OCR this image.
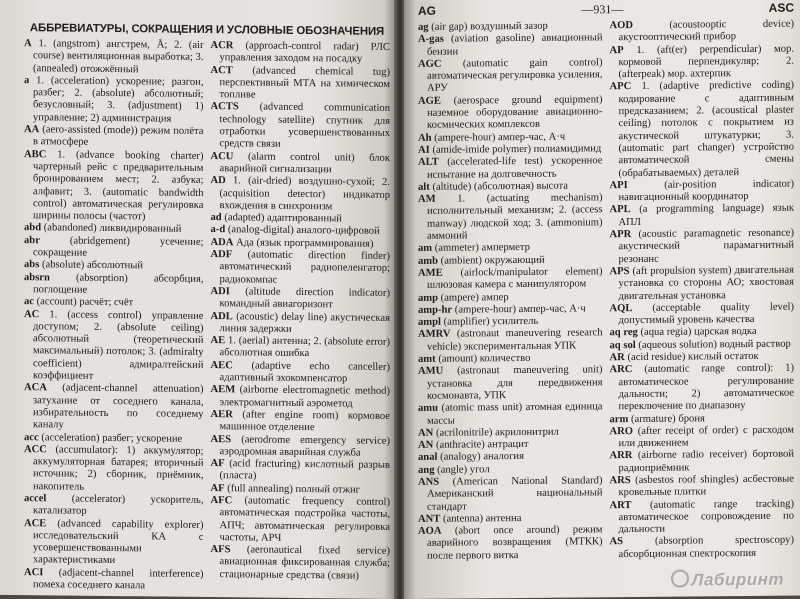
АББРЕВИАТУРЫ, СОКРАЩЕНИЯ И УСЛОВНЫЕ ОБОЗНАЧЕНИЯ

A 1. (angstrom) ангстрем, Å; 2. (air course) вентиляционная выработка; 3. (annealed) отожжённый

a 1. (acceleration) ускорение; разгон, разбег; 2. (absolute) абсолютный; безусловный; 3. (adjustment) 1) управление; 2) администрация

AA (aero-assisted (mode)) режим полёта в атмосфере

ABC 1. (advance booking charter) чартерный рейс с предварительным бронированием мест; 2. азбука; алфавит; 3. (automatic bandwidth control) автоматическая регулировка ширины полосы (частот)

abd (abandoned) ликвидированный

abr	(abridgement) усечение; сокращение

abs (absolute) абсолютный

absrn (absorption) абсорбция, поглощение

ac (account) расчёт; счёт

AC 1. (access control) управление доступом; 2. (absolute ceiling) абсолютный (теоретический максимальный) потолок; 3. (admiralty coefficient) адмиралтейский коэффициент

ACA (adjacent-channel attenuation) затухание от соседнего канала, избирательность по соседнему каналу

acc (acceleration) разбег; ускорение

ACC (accumulator): 1) аккумулятор; аккумуляторная батарея; вторичный источник; 2) сборник, приёмник, накопитель

accel (accelerator) ускоритель, катализатор

ACE (advanced capability explorer) исследовательский КА с усовершенствованными характеристиками

ACI (adjacent-channel interference) помеха соседнего канала

ACR (approach-control radar) РЛС управления заходом на посадку

ACT (advanced chemical tug) перспективный МТА на химическом топливе

ACTS (advanced communication technology satellite) спутник для отработки усовершенствованных средств связи

ACU (alarm control unit) блок аварийной сигнализации

AD 1. (air-dried) воздушно-сухой; 2. (acquisition detector) индикатор вхождения в синхронизм

ad (adapted) адаптированный

a-d (analog-digital) аналого-цифровой

ADA Ада (язык программирования)

ADF (automatic direction finder) автоматический радиопеленгатор; радиокомпас

ADI (altitude direction indicator) командный авиагоризонт

ADL (acoustic) delay line) акустическая линия задержки

AE 1. (aerial) антенна; 2. (absolute error) абсолютная ошибка

AEC (adaptive echo canceller) адаптивный эхокомпенсатор

AEM (airborne electromagnetic method) электромагнитный аэрометод

AER (after engine room) кормовое машинное отделение

AES (aerodrome emergency service) аэродромная аварийная служба

AF (acid fracturing) кислотный разрыв (пласта)

AF (full annealing) полный отжиг

AFC (automatic frequency control) автоматическая подстройка частоты, АПЧ; автоматическая регулировка частоты, АРЧ

AFS (aeronautical fixed service) авиационная фиксированная служба; стационарные средства (связи)

AG	—931—	ASC

ag (air gap) воздушный зазор

A-gas (aviation gasoline) авиационный бензин

AGC (automatic gain control) автоматическая регулировка усиления, АРУ

AGE (aerospace ground equipment) наземное оборудование авиационно-космических комплексов

Ah (ampere-hour) ампер-час, А·ч

AI (amide-imide polymer) полиамидимид

ALT (accelerated-life test) ускоренное испытание на долговечность

alt (altitude) (абсолютная) высота

AM 1. (actuating mechanism) исполнительный механизм; 2. (access manway) людской ход; 3. (ammonium) аммоний

am (ammeter) амперметр

amb (ambient) окружающий

AME (airlock/manipulator element) шлюзовая камера с манипулятором

amp (ampere) ампер

amp-hr (ampere-hour) ампер-час, А·ч

ampl (amplifier) усилитель

AMRV (astronaut maneuvering research vehicle) экспериментальная УПК

amt (amount) количество

AMU (astronaut maneuvering unit) установка для передвижения космонавта, УПК

amu (atomic mass unit) атомная единица массы

AN (acrilonitrile) акрилонитрил

AN (anthracite) антрацит

anal (analogy) аналогия

ang (angle) угол

ANS (American National Standard) Американский национальный стандарт

ANT (antenna) антенна

AOA (abort once around) режим аварийного возвращения (МТКК) после первого витка

AOD	(acoustooptic device) акустооптический прибор

AP 1. (aft(er) perpendicular) мор. кормовой перпендикуляр; 2. (afterpeak) мор. ахтерпик

APC 1. (adaptive predictive coding) кодирование с адаптивным предсказанием; 2. (acoustical plaster ceiling) потолок с покрытием из акустической штукатурки; 3. (automatic part changer) устройство автоматической смены (обрабатываемых) деталей

API	(air-position indicator) навигационный координатор

APL (a programming language) язык АПЛ

APR (acoustic paramagnetic resonance) акустический парамагнитный резонанс

APS (aft propulsion system) двигательная установка со стороны АО; хвостовая двигательная установка

AQL (acceptable quality level) допустимый уровень качества

aq reg (aqua regia) царская водка

aq sol (aqueous solution) водный раствор

AR (acid residue) кислый остаток

ARC (automatic range control): 1) автоматическое регулирование дальности; 2) автоматическое переключение по диапазону

arm (armature) броня

ARO (after receipt of order) с расходом или движением

ARR (airborne radio receiver) бортовой радиоприёмник

ARS (asbestos roof shingles) асбестовые кровельные плитки

ART (automatic range tracking) автоматическое сопровождение по дальности

AS	(absorption spectroscopy) абсорбционная спектроскопия

Лабиринт
